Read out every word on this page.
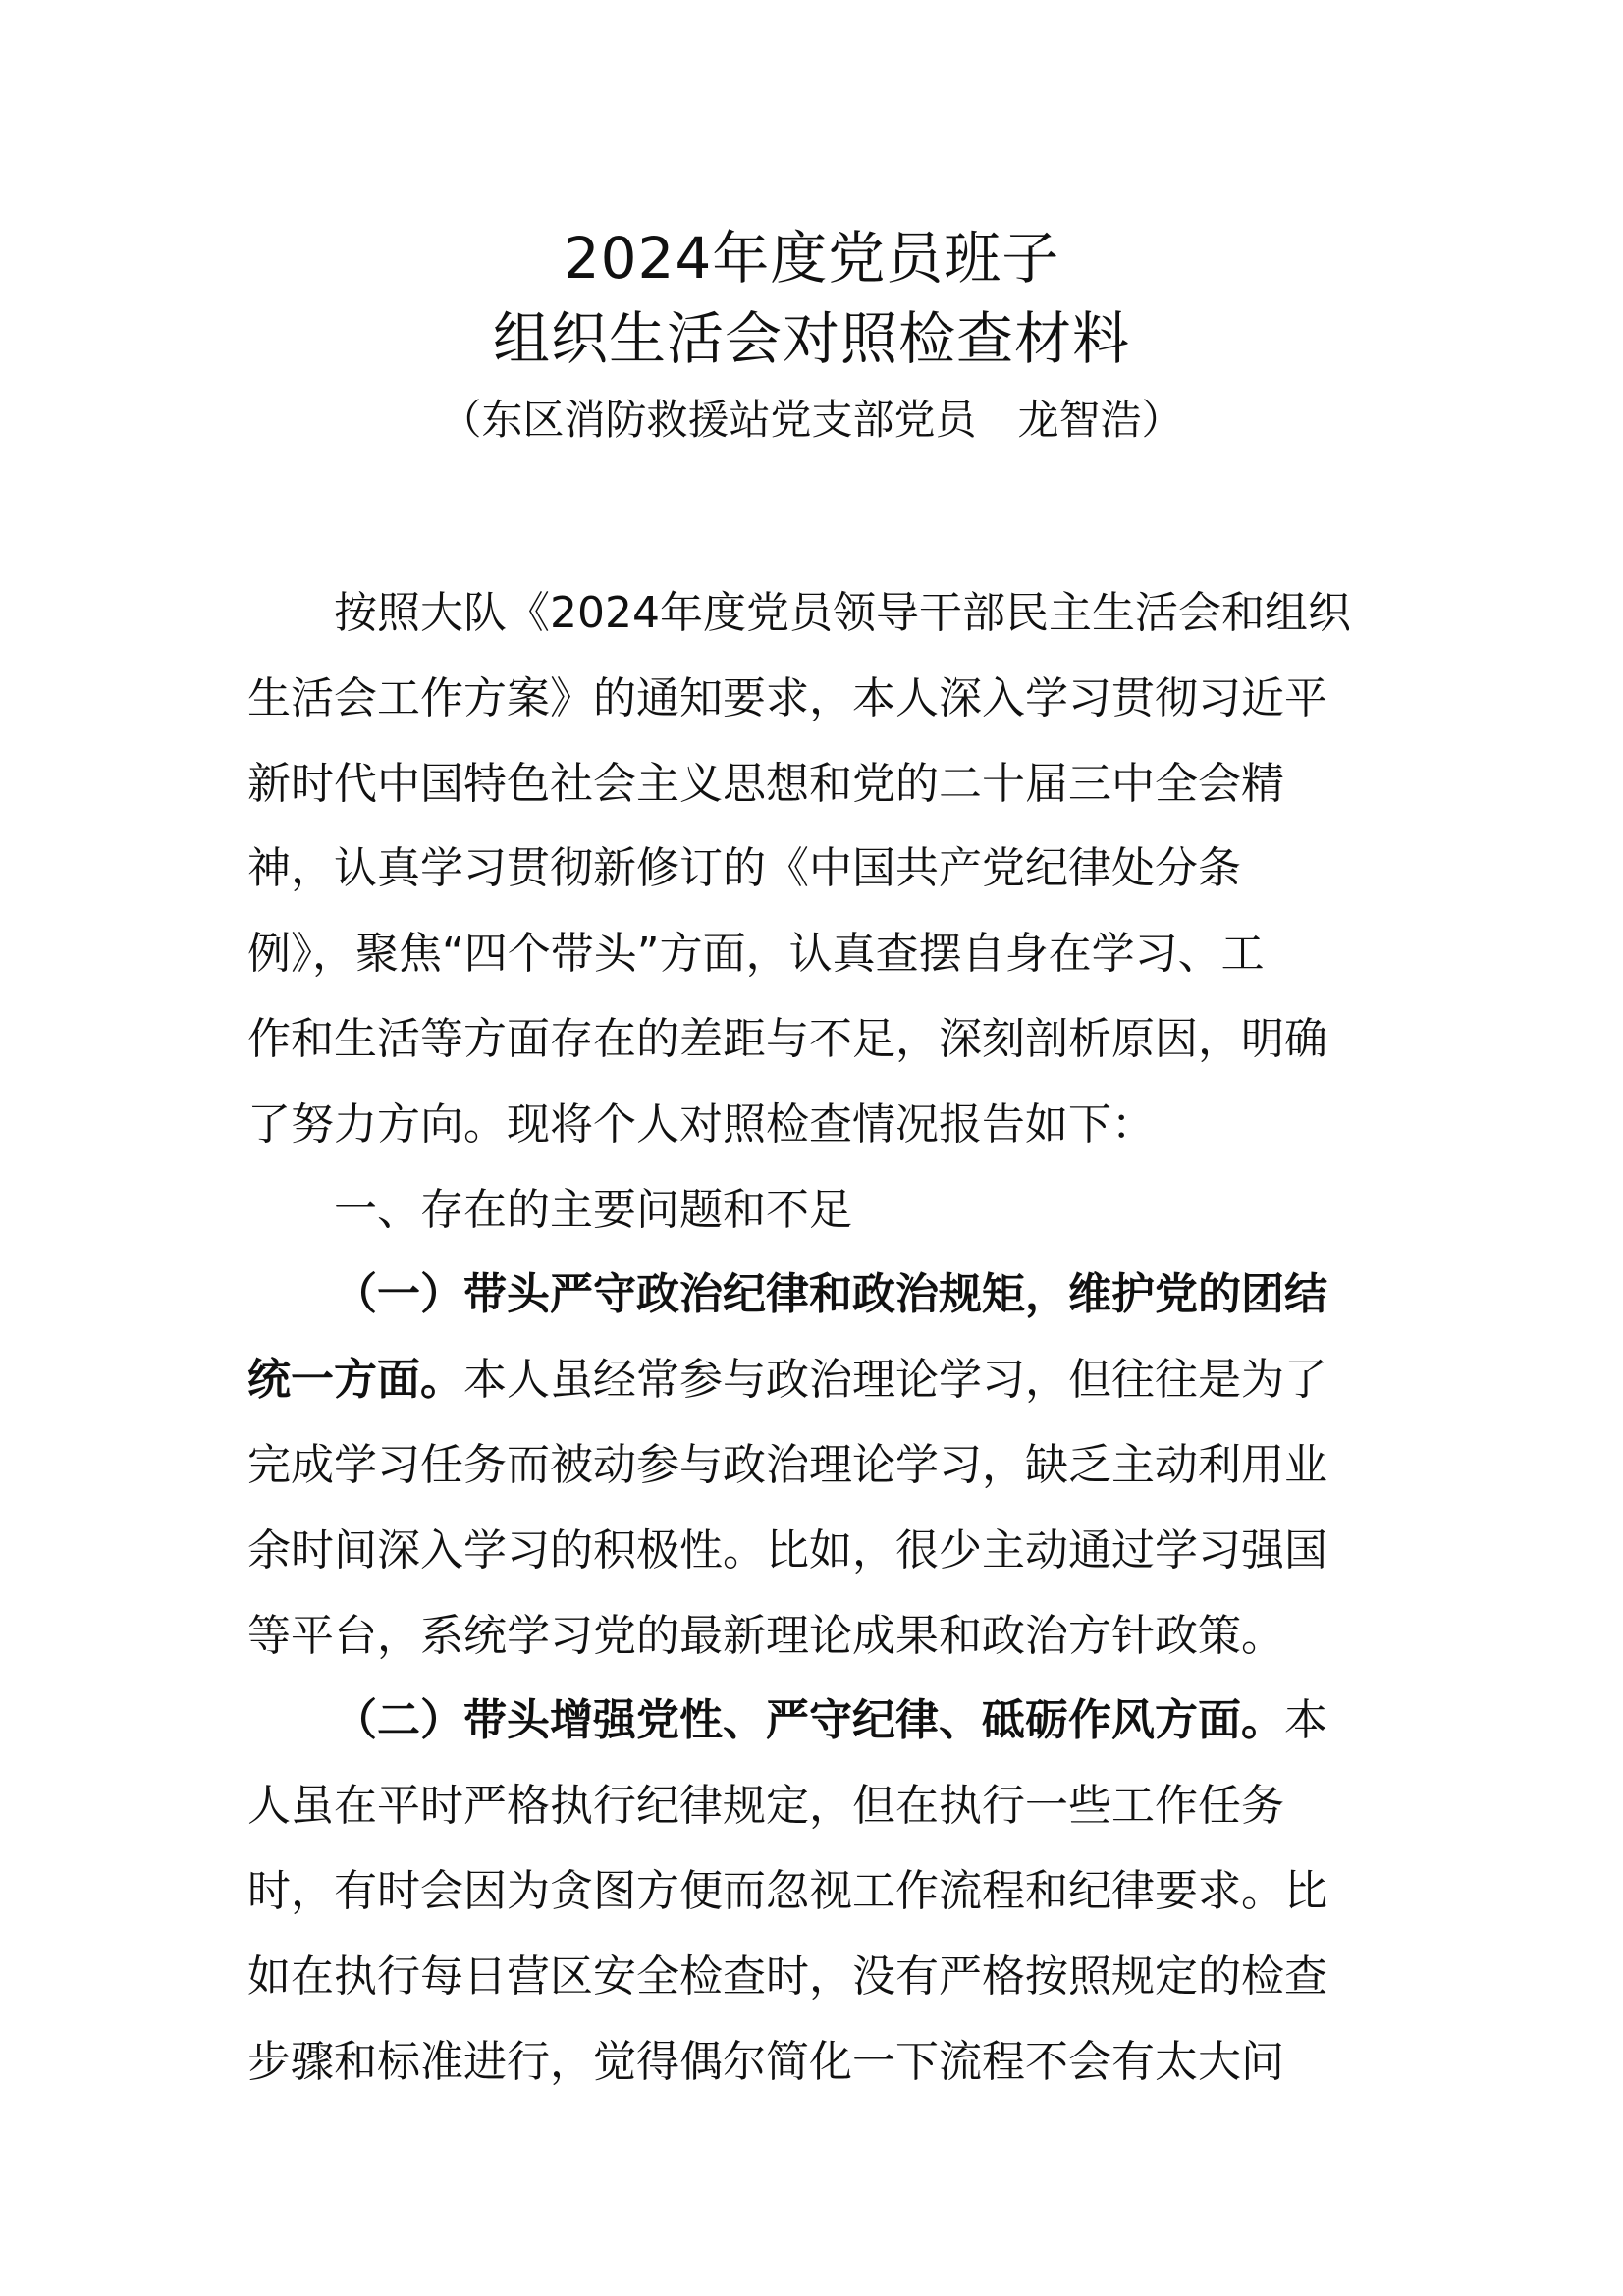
2024年度党员班子
组织生活会对照检查材料
（东区消防救援站党支部党员　龙智浩）
按照大队《2024年度党员领导干部民主生活会和组织
生活会工作方案》的通知要求，本人深入学习贯彻习近平
新时代中国特色社会主义思想和党的二十届三中全会精
神，认真学习贯彻新修订的《中国共产党纪律处分条
例》，聚焦“四个带头”方面，认真查摆自身在学习、工
作和生活等方面存在的差距与不足，深刻剖析原因，明确
了努力方向。现将个人对照检查情况报告如下：
一、存在的主要问题和不足
（一）带头严守政治纪律和政治规矩，维护党的团结
统一方面。本人虽经常参与政治理论学习，但往往是为了
完成学习任务而被动参与政治理论学习，缺乏主动利用业
余时间深入学习的积极性。比如，很少主动通过学习强国
等平台，系统学习党的最新理论成果和政治方针政策。
（二）带头增强党性、严守纪律、砥砺作风方面。本
人虽在平时严格执行纪律规定，但在执行一些工作任务
时，有时会因为贪图方便而忽视工作流程和纪律要求。比
如在执行每日营区安全检查时，没有严格按照规定的检查
步骤和标准进行，觉得偶尔简化一下流程不会有太大问
